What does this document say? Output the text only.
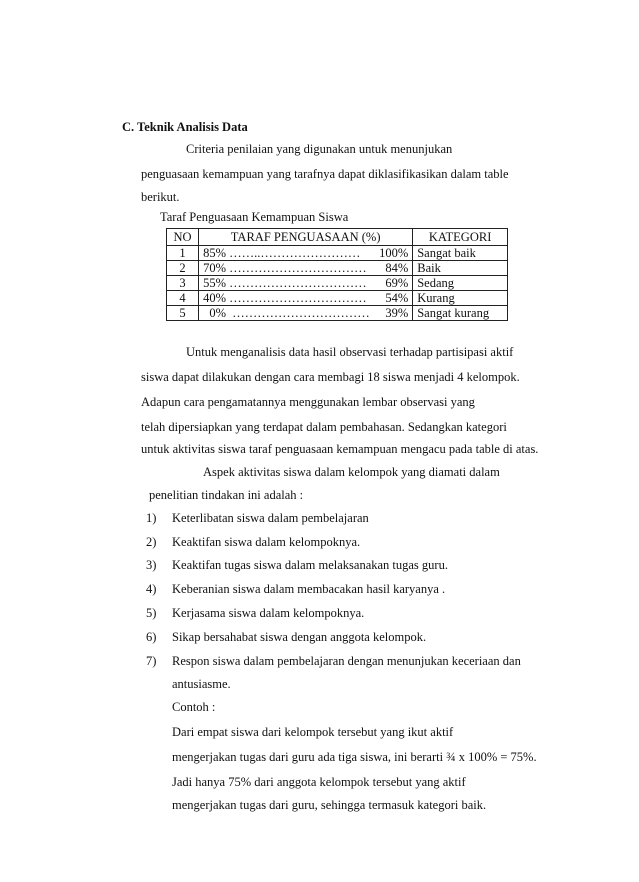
C. Teknik Analisis Data
Criteria penilaian yang digunakan untuk menunjukan
penguasaan kemampuan yang tarafnya dapat diklasifikasikan dalam table
berikut.
Taraf Penguasaan Kemampuan Siswa
NO	TARAF PENGUASAAN (%)	KATEGORI
1	85% ……..…………………… 100%	Sangat baik
2	70% …………………………… 84%	Baik
3	55% …………………………… 69%	Sedang
4	40% …………………………… 54%	Kurang
5	0%  …………………………… 39%	Sangat kurang
Untuk menganalisis data hasil observasi terhadap partisipasi aktif
siswa dapat dilakukan dengan cara membagi 18 siswa menjadi 4 kelompok.
Adapun cara pengamatannya menggunakan lembar observasi yang
telah dipersiapkan yang terdapat dalam pembahasan. Sedangkan kategori
untuk aktivitas siswa taraf penguasaan kemampuan mengacu pada table di atas.
Aspek aktivitas siswa dalam kelompok yang diamati dalam
penelitian tindakan ini adalah :
1) Keterlibatan siswa dalam pembelajaran
2) Keaktifan siswa dalam kelompoknya.
3) Keaktifan tugas siswa dalam melaksanakan tugas guru.
4) Keberanian siswa dalam membacakan hasil karyanya .
5) Kerjasama siswa dalam kelompoknya.
6) Sikap bersahabat siswa dengan anggota kelompok.
7) Respon siswa dalam pembelajaran dengan menunjukan keceriaan dan
antusiasme.
Contoh :
Dari empat siswa dari kelompok tersebut yang ikut aktif
mengerjakan tugas dari guru ada tiga siswa, ini berarti ¾ x 100% = 75%.
Jadi hanya 75% dari anggota kelompok tersebut yang aktif
mengerjakan tugas dari guru, sehingga termasuk kategori baik.
